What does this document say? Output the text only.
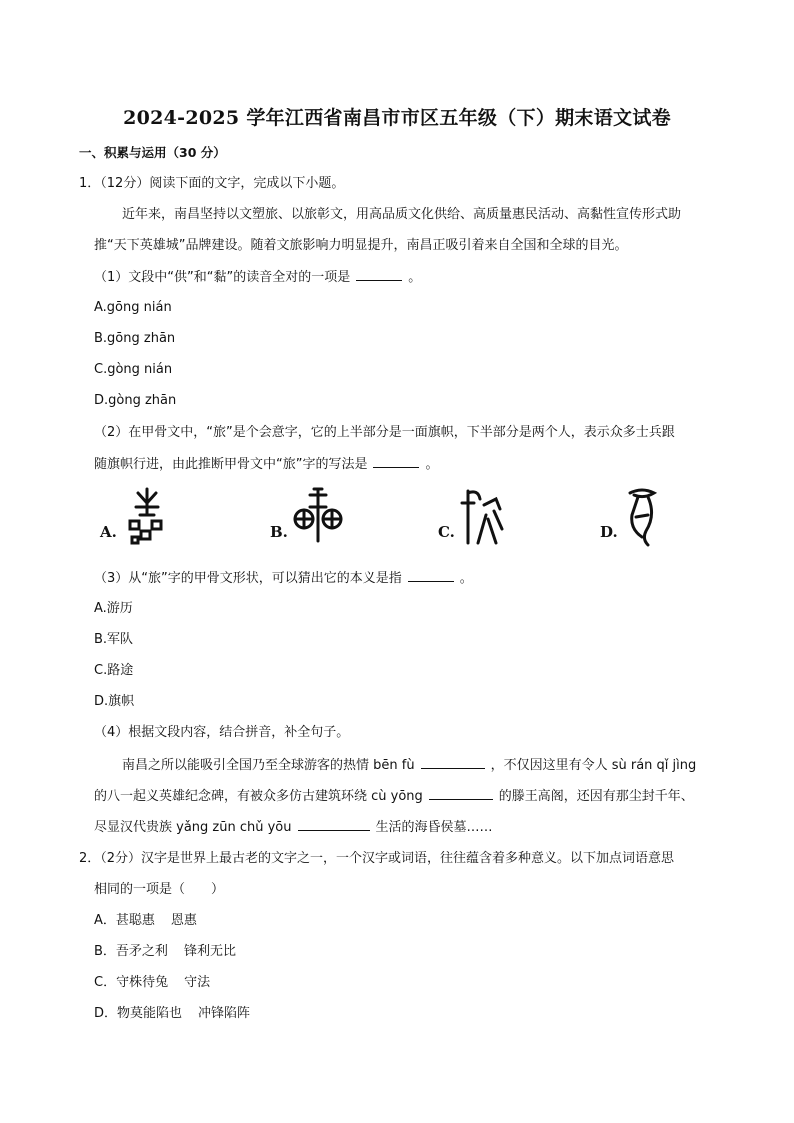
2024-2025 学年江西省南昌市市区五年级（下）期末语文试卷
一、积累与运用（30 分）
1．（12分）阅读下面的文字，完成以下小题。
近年来，南昌坚持以文塑旅、以旅彰文，用高品质文化供给、高质量惠民活动、高黏性宣传形式助
推“天下英雄城”品牌建设。随着文旅影响力明显提升，南昌正吸引着来自全国和全球的目光。
（1）文段中“供”和“黏”的读音全对的一项是	。
A.gōng nián
B.gōng zhān
C.gòng nián
D.gòng zhān
（2）在甲骨文中，“旅”是个会意字，它的上半部分是一面旗帜，下半部分是两个人，表示众多士兵跟
随旗帜行进，由此推断甲骨文中“旅”字的写法是	。
A.	B.	C.	D.
（3）从“旅”字的甲骨文形状，可以猜出它的本义是指	。
A.游历
B.军队
C.路途
D.旗帜
（4）根据文段内容，结合拼音，补全句子。
南昌之所以能吸引全国乃至全球游客的热情 bēn fù	，不仅因这里有令人 sù rán qǐ jìng
的八一起义英雄纪念碑，有被众多仿古建筑环绕 cù yōng	的滕王高阁，还因有那尘封千年、
尽显汉代贵族 yǎng zūn chǔ yōu	生活的海昏侯墓……
2．（2分）汉字是世界上最古老的文字之一，一个汉字或词语，往往蕴含着多种意义。以下加点词语意思
相同的一项是（　　）
A．甚聪惠 恩惠
B．吾矛之利 锋利无比
C．守株待兔 守法
D．物莫能陷也 冲锋陷阵
